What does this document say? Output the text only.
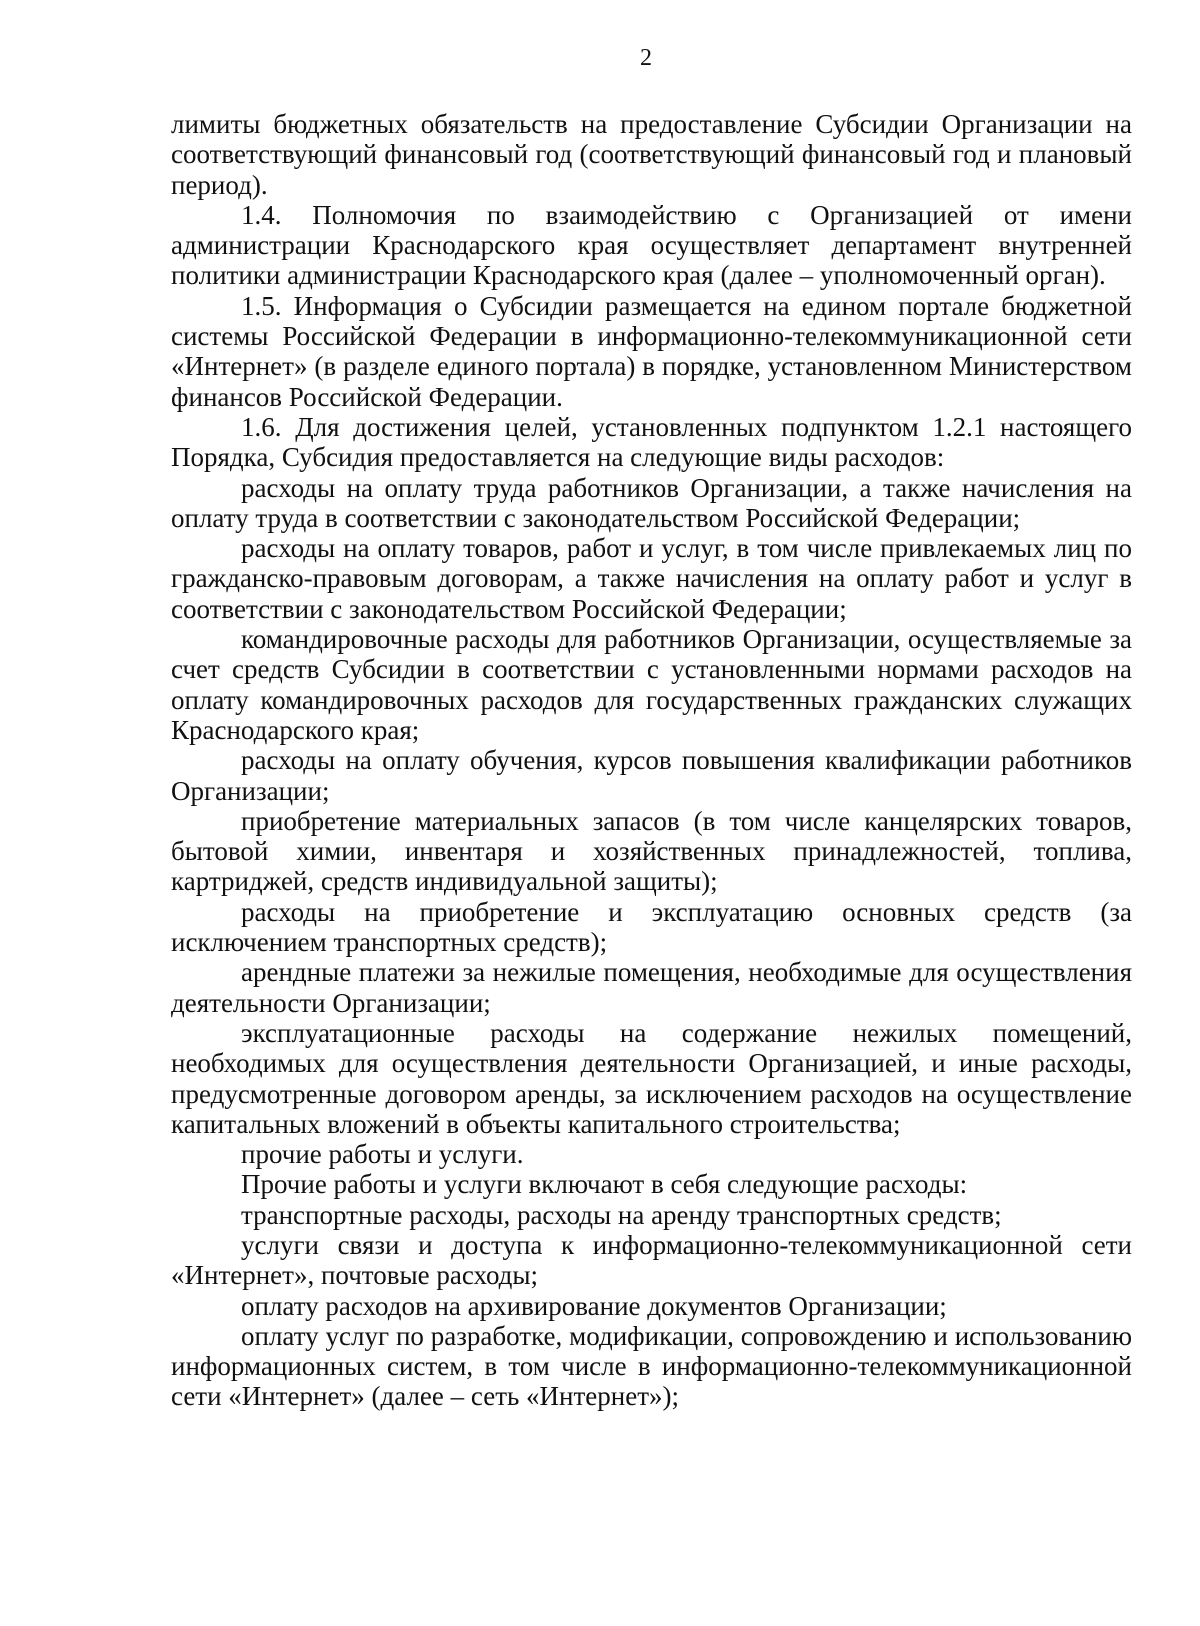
2

лимиты бюджетных обязательств на предоставление Субсидии Организации на соответствующий финансовый год (соответствующий финансовый год и плановый период).

1.4. Полномочия по взаимодействию с Организацией от имени администрации Краснодарского края осуществляет департамент внутренней политики администрации Краснодарского края (далее – уполномоченный орган).

1.5. Информация о Субсидии размещается на едином портале бюджетной системы Российской Федерации в информационно-телекоммуникационной сети «Интернет» (в разделе единого портала) в порядке, установленном Министерством финансов Российской Федерации.

1.6. Для достижения целей, установленных подпунктом 1.2.1 настоящего Порядка, Субсидия предоставляется на следующие виды расходов:

расходы на оплату труда работников Организации, а также начисления на оплату труда в соответствии с законодательством Российской Федерации;

расходы на оплату товаров, работ и услуг, в том числе привлекаемых лиц по гражданско-правовым договорам, а также начисления на оплату работ и услуг в соответствии с законодательством Российской Федерации;

командировочные расходы для работников Организации, осуществляемые за счет средств Субсидии в соответствии с установленными нормами расходов на оплату командировочных расходов для государственных гражданских служащих Краснодарского края;

расходы на оплату обучения, курсов повышения квалификации работников Организации;

приобретение материальных запасов (в том числе канцелярских товаров, бытовой химии, инвентаря и хозяйственных принадлежностей, топлива, картриджей, средств индивидуальной защиты);

расходы на приобретение и эксплуатацию основных средств (за исключением транспортных средств);

арендные платежи за нежилые помещения, необходимые для осуществления деятельности Организации;

эксплуатационные расходы на содержание нежилых помещений, необходимых для осуществления деятельности Организацией, и иные расходы, предусмотренные договором аренды, за исключением расходов на осуществление капитальных вложений в объекты капитального строительства;

прочие работы и услуги.

Прочие работы и услуги включают в себя следующие расходы:

транспортные расходы, расходы на аренду транспортных средств;

услуги связи и доступа к информационно-телекоммуникационной сети «Интернет», почтовые расходы;

оплату расходов на архивирование документов Организации;

оплату услуг по разработке, модификации, сопровождению и использованию информационных систем, в том числе в информационно-телекоммуникационной сети «Интернет» (далее – сеть «Интернет»);
